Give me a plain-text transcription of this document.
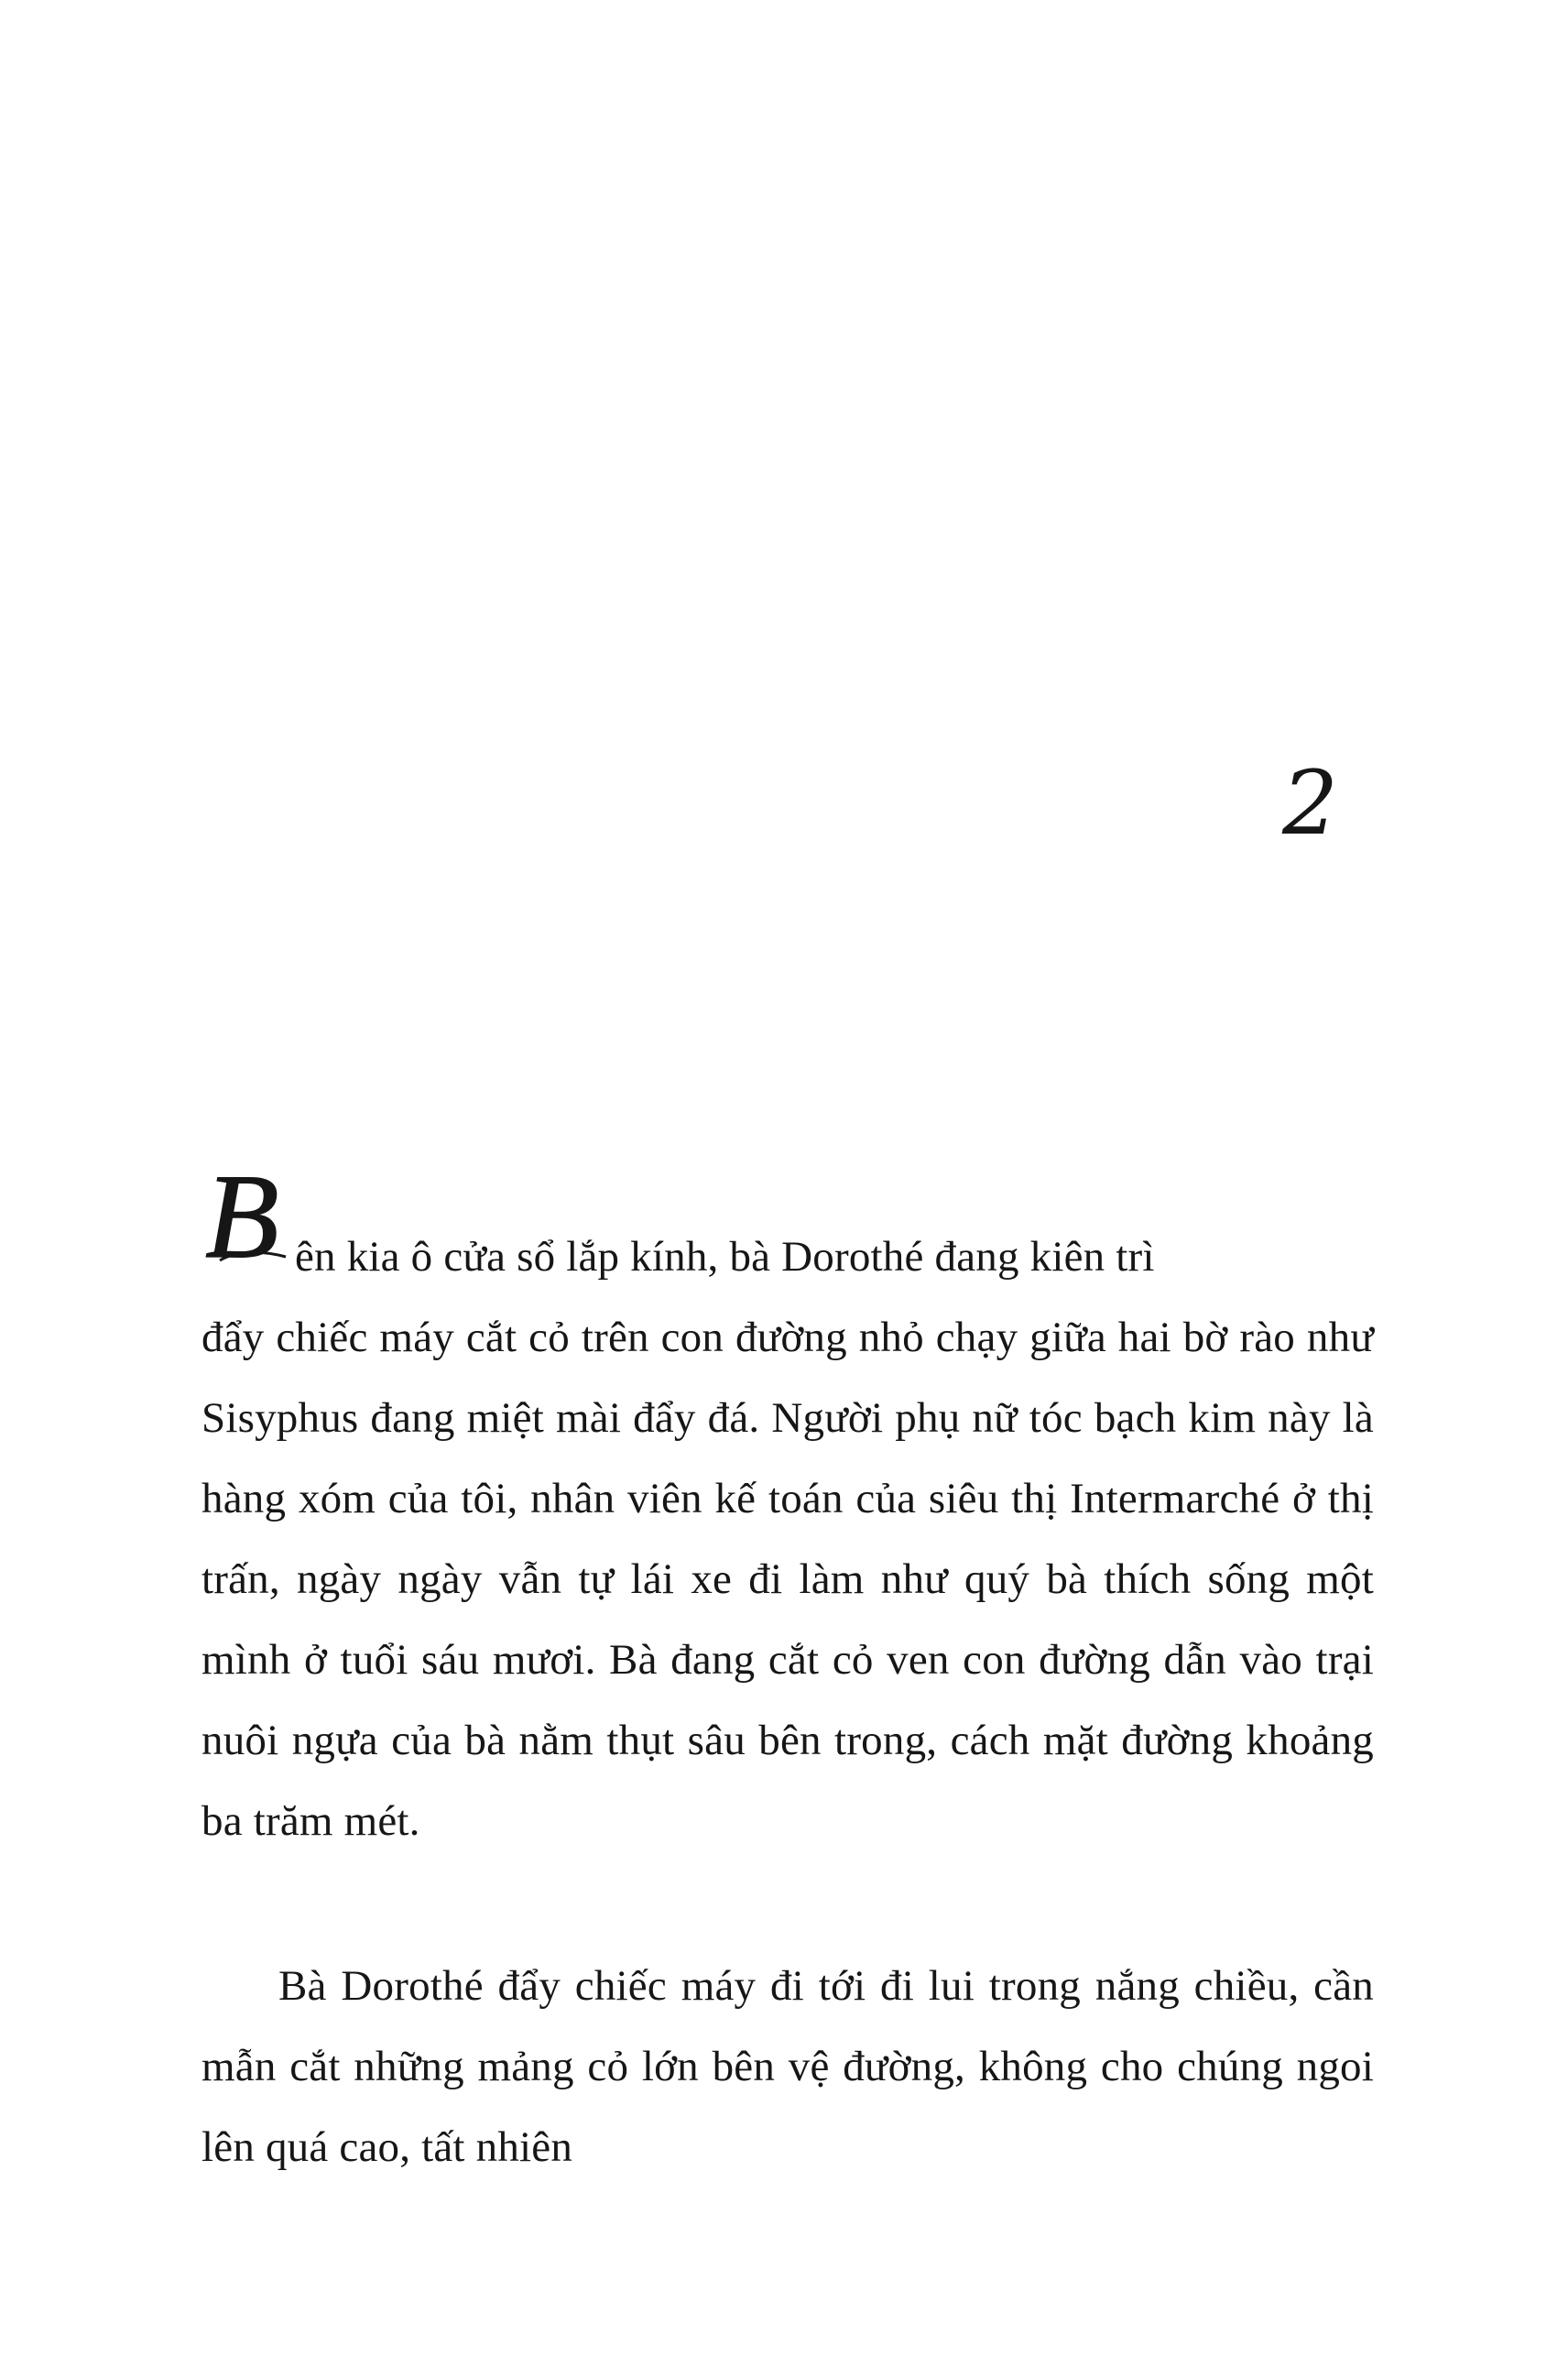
2
B ên kia ô cửa sổ lắp kính, bà Dorothé đang kiên trì
đẩy chiếc máy cắt cỏ trên con đường nhỏ chạy giữa hai bờ rào như Sisyphus đang miệt mài đẩy đá. Người phụ nữ tóc bạch kim này là hàng xóm của tôi, nhân viên kế toán của siêu thị Intermarché ở thị trấn, ngày ngày vẫn tự lái xe đi làm như quý bà thích sống một mình ở tuổi sáu mươi. Bà đang cắt cỏ ven con đường dẫn vào trại nuôi ngựa của bà nằm thụt sâu bên trong, cách mặt đường khoảng ba trăm mét.

Bà Dorothé đẩy chiếc máy đi tới đi lui trong nắng chiều, cần mẫn cắt những mảng cỏ lớn bên vệ đường, không cho chúng ngoi lên quá cao, tất nhiên
